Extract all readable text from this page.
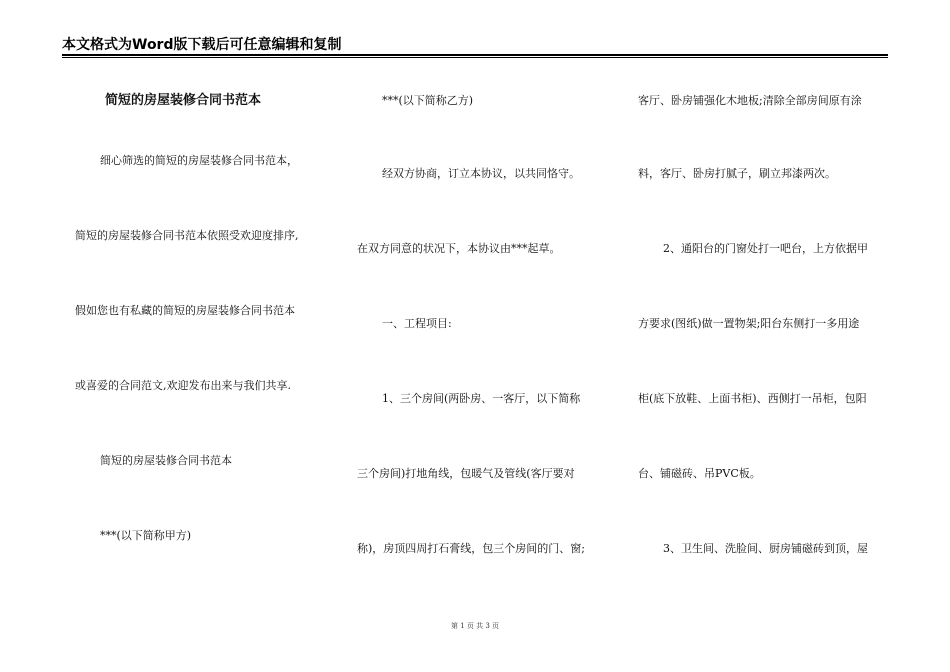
本文格式为Word版下载后可任意编辑和复制
简短的房屋装修合同书范本
细心筛选的简短的房屋装修合同书范本，
简短的房屋装修合同书范本依照受欢迎度排序,
假如您也有私藏的简短的房屋装修合同书范本
或喜爱的合同范文,欢迎发布出来与我们共享.
简短的房屋装修合同书范本
***(以下简称甲方)
***(以下简称乙方)
经双方协商，订立本协议，以共同恪守。
在双方同意的状况下，本协议由***起草。
一、工程项目:
1、三个房间(两卧房、一客厅，以下简称
三个房间)打地角线，包暖气及管线(客厅要对
称)，房顶四周打石膏线，包三个房间的门、窗;
客厅、卧房铺强化木地板;清除全部房间原有涂
料，客厅、卧房打腻子，刷立邦漆两次。
2、通阳台的门窗处打一吧台，上方依据甲
方要求(图纸)做一置物架;阳台东侧打一多用途
柜(底下放鞋、上面书柜)、西侧打一吊柜，包阳
台、铺磁砖、吊PVC板。
3、卫生间、洗脸间、厨房铺磁砖到顶，屋
第 1 页 共 3 页
